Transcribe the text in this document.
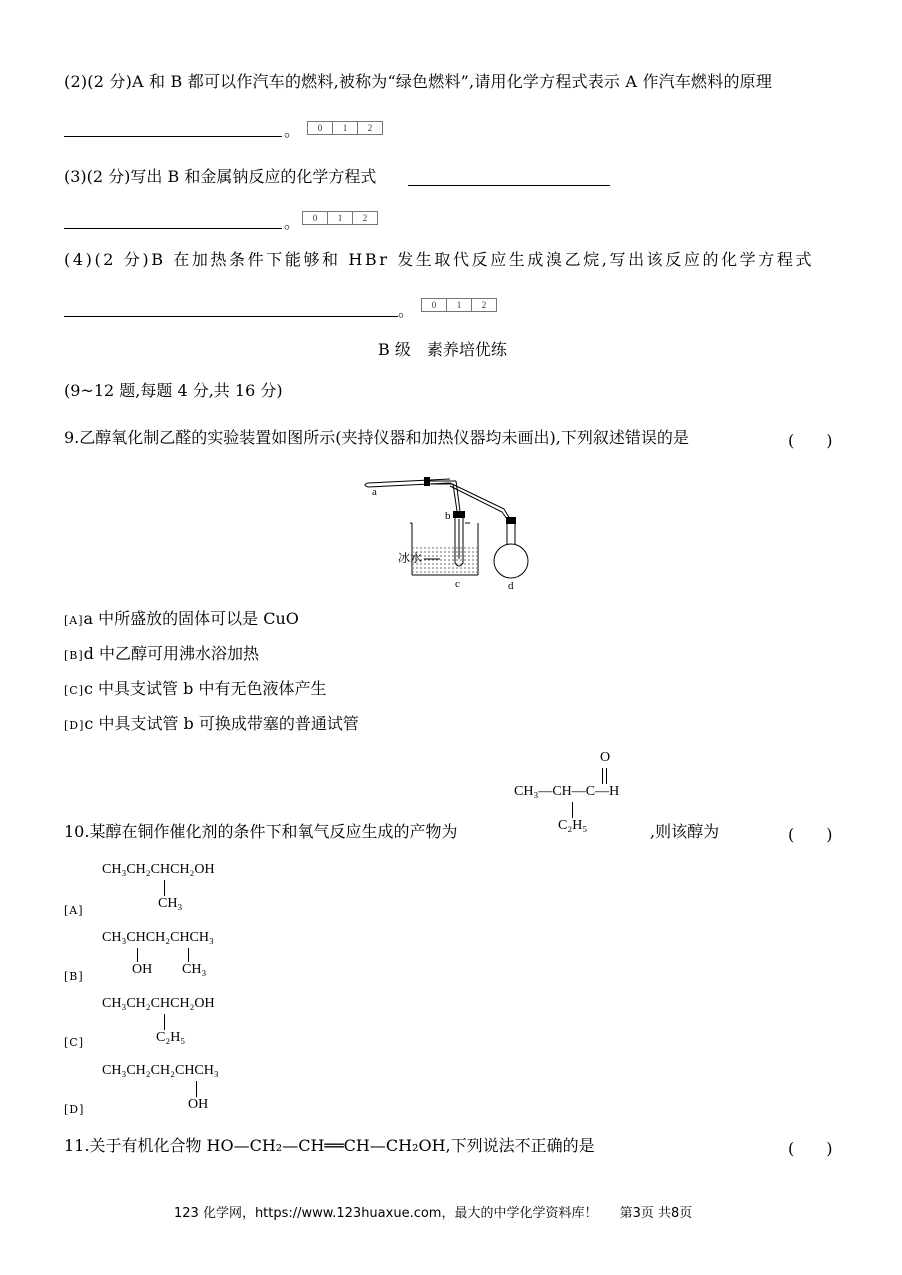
(2)(2 分)A 和 B 都可以作汽车的燃料,被称为“绿色燃料”,请用化学方程式表示 A 作汽车燃料的原理
。	0	1	2
(3)(2 分)写出 B 和金属钠反应的化学方程式
。	0	1	2
(4)(2 分)B 在加热条件下能够和 HBr 发生取代反应生成溴乙烷,写出该反应的化学方程式
。	0	1	2
B 级　素养培优练
(9~12 题,每题 4 分,共 16 分)
9.乙醇氧化制乙醛的实验装置如图所示(夹持仪器和加热仪器均未画出),下列叙述错误的是	(　　)
a
b
c	d
冰水
[A]a 中所盛放的固体可以是 CuO
[B]d 中乙醇可用沸水浴加热
[C]c 中具支试管 b 中有无色液体产生
[D]c 中具支试管 b 可换成带塞的普通试管
O
CH₃—CH—C—H
C₂H₅
10.某醇在铜作催化剂的条件下和氧气反应生成的产物为	,则该醇为	(　　)
CH₃CH₂CHCH₂OH
CH₃
[A]
CH₃CHCH₂CHCH₃
OH CH₃
[B]
CH₃CH₂CHCH₂OH
C₂H₅
[C]
CH₃CH₂CH₂CHCH₃
OH
[D]
11.关于有机化合物 HO—CH₂—CH══CH—CH₂OH,下列说法不正确的是	(　　)
123 化学网，https://www.123huaxue.com，最大的中学化学资料库！ 第3页 共8页
